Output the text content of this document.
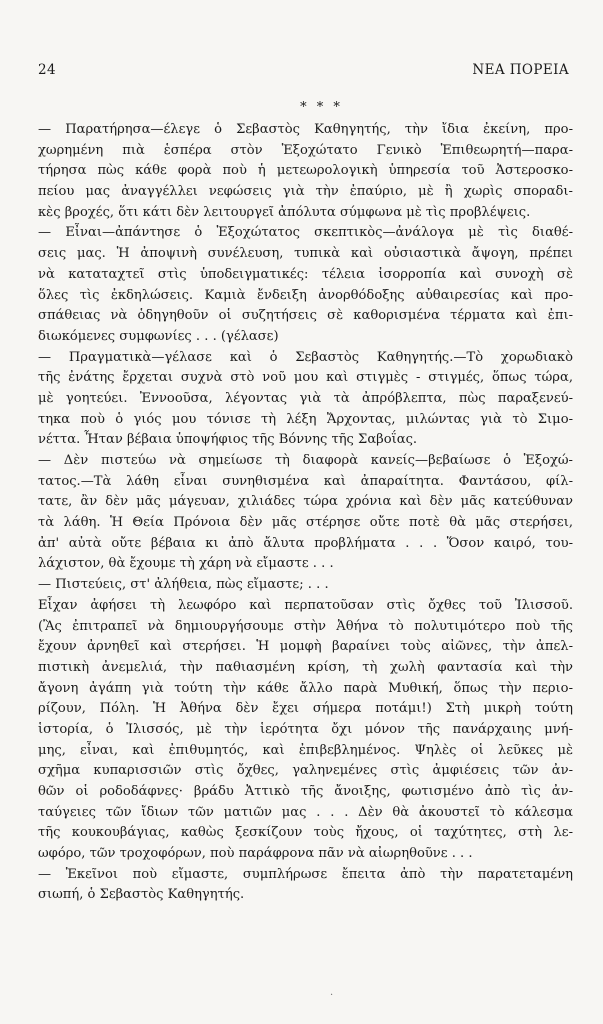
24	ΝΕΑ ΠΟΡΕΙΑ
* * *
— Παρατήρησα—έλεγε ὁ Σεβαστὸς Καθηγητής, τὴν ἴδια ἐκείνη, προ-
χωρημένη πιὰ ἑσπέρα στὸν Ἐξοχώτατο Γενικὸ Ἐπιθεωρητή—παρα-
τήρησα πὼς κάθε φορὰ ποὺ ἡ μετεωρολογικὴ ὑπηρεσία τοῦ Ἀστεροσκο-
πείου μας ἀναγγέλλει νεφώσεις γιὰ τὴν ἐπαύριο, μὲ ἢ χωρὶς σποραδι-
κὲς βροχές, ὅτι κάτι δὲν λειτουργεῖ ἀπόλυτα σύμφωνα μὲ τὶς προβλέψεις.
— Εἶναι—ἀπάντησε ὁ Ἐξοχώτατος σκεπτικὸς—ἀνάλογα μὲ τὶς διαθέ-
σεις μας. Ἡ ἀποψινὴ συνέλευση, τυπικὰ καὶ οὐσιαστικὰ ἄψογη, πρέπει
νὰ καταταχτεῖ στὶς ὑποδειγματικές: τέλεια ἰσορροπία καὶ συνοχὴ σὲ
ὅλες τὶς ἐκδηλώσεις. Καμιὰ ἔνδειξη ἀνορθόδοξης αὐθαιρεσίας καὶ προ-
σπάθειας νὰ ὁδηγηθοῦν οἱ συζητήσεις σὲ καθορισμένα τέρματα καὶ ἐπι-
διωκόμενες συμφωνίες . . . (γέλασε)
— Πραγματικὰ—γέλασε καὶ ὁ Σεβαστὸς Καθηγητής.—Τὸ χορωδιακὸ
τῆς ἐνάτης ἔρχεται συχνὰ στὸ νοῦ μου καὶ στιγμὲς - στιγμές, ὅπως τώρα,
μὲ γοητεύει. Ἐννοοῦσα, λέγοντας γιὰ τὰ ἀπρόβλεπτα, πὼς παραξενεύ-
τηκα ποὺ ὁ γιός μου τόνισε τὴ λέξη Ἄρχοντας, μιλώντας γιὰ τὸ Σιμο-
νέττα. Ἦταν βέβαια ὑποψήφιος τῆς Βόννης τῆς Σαβοΐας.
— Δὲν πιστεύω νὰ σημείωσε τὴ διαφορὰ κανείς—βεβαίωσε ὁ Ἐξοχώ-
τατος.—Τὰ λάθη εἶναι συνηθισμένα καὶ ἀπαραίτητα. Φαντάσου, φίλ-
τατε, ἂν δὲν μᾶς μάγευαν, χιλιάδες τώρα χρόνια καὶ δὲν μᾶς κατεύθυναν
τὰ λάθη. Ἡ Θεία Πρόνοια δὲν μᾶς στέρησε οὔτε ποτὲ θὰ μᾶς στερήσει,
ἀπ' αὐτὰ οὔτε βέβαια κι ἀπὸ ἄλυτα προβλήματα . . . Ὅσον καιρό, του-
λάχιστον, θὰ ἔχουμε τὴ χάρη νὰ εἴμαστε . . .
— Πιστεύεις, στ' ἀλήθεια, πὼς εἴμαστε; . . .
Εἶχαν ἀφήσει τὴ λεωφόρο καὶ περπατοῦσαν στὶς ὄχθες τοῦ Ἰλισσοῦ.
(Ἂς ἐπιτραπεῖ νὰ δημιουργήσουμε στὴν Ἀθήνα τὸ πολυτιμότερο ποὺ τῆς
ἔχουν ἀρνηθεῖ καὶ στερήσει. Ἡ μομφὴ βαραίνει τοὺς αἰῶνες, τὴν ἀπελ-
πιστικὴ ἀνεμελιά, τὴν παθιασμένη κρίση, τὴ χωλὴ φαντασία καὶ τὴν
ἄγονη ἀγάπη γιὰ τούτη τὴν κάθε ἄλλο παρὰ Μυθική, ὅπως τὴν περιο-
ρίζουν, Πόλη. Ἡ Ἀθήνα δὲν ἔχει σήμερα ποτάμι!) Στὴ μικρὴ τούτη
ἱστορία, ὁ Ἰλισσός, μὲ τὴν ἱερότητα ὄχι μόνον τῆς πανάρχαιης μνή-
μης, εἶναι, καὶ ἐπιθυμητός, καὶ ἐπιβεβλημένος. Ψηλὲς οἱ λεῦκες μὲ
σχῆμα κυπαρισσιῶν στὶς ὄχθες, γαληνεμένες στὶς ἀμφιέσεις τῶν ἀν-
θῶν οἱ ροδοδάφνες· βράδυ Ἀττικὸ τῆς ἄνοιξης, φωτισμένο ἀπὸ τὶς ἀν-
ταύγειες τῶν ἴδιων τῶν ματιῶν μας . . . Δὲν θὰ ἀκουστεῖ τὸ κάλεσμα
τῆς κουκουβάγιας, καθὼς ξεσκίζουν τοὺς ἤχους, οἱ ταχύτητες, στὴ λε-
ωφόρο, τῶν τροχοφόρων, ποὺ παράφρονα πᾶν νὰ αἰωρηθοῦνε . . .
— Ἐκεῖνοι ποὺ εἴμαστε, συμπλήρωσε ἔπειτα ἀπὸ τὴν παρατεταμένη
σιωπή, ὁ Σεβαστὸς Καθηγητής.
·
